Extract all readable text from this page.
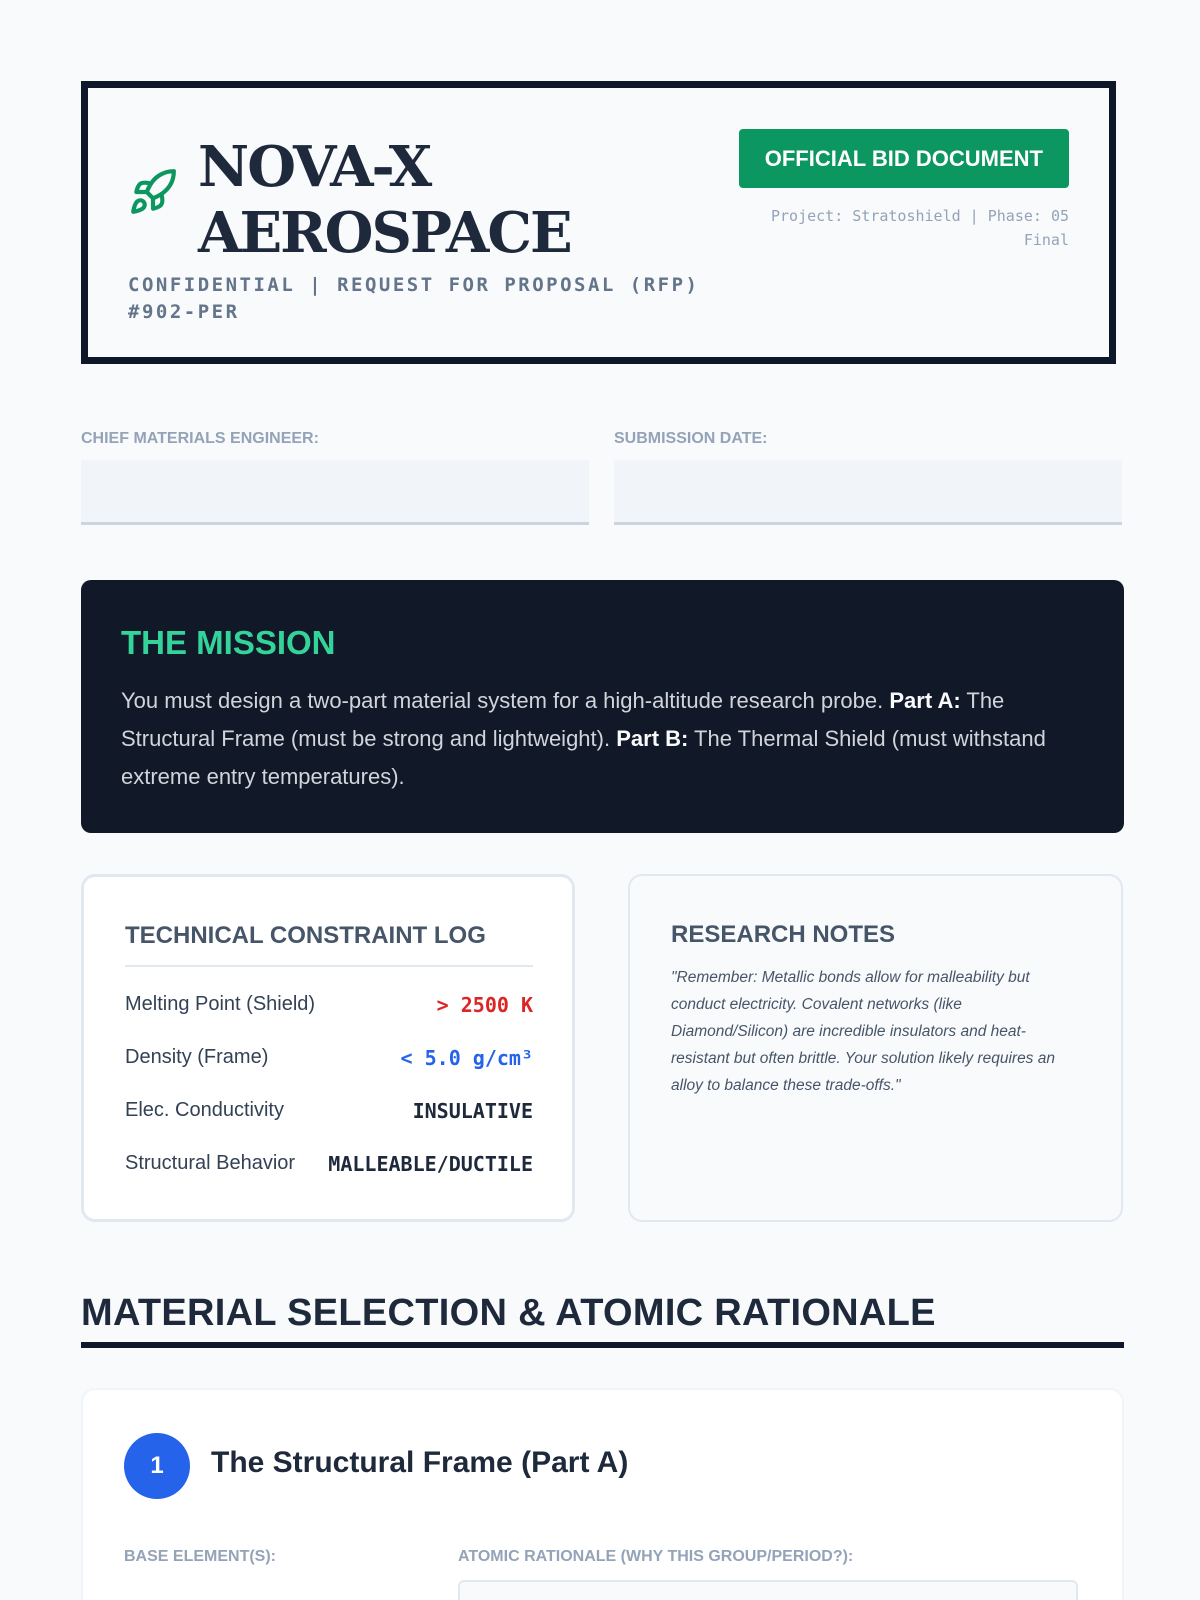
NOVA-X AEROSPACE
CONFIDENTIAL | REQUEST FOR PROPOSAL (RFP) #902-PER
OFFICIAL BID DOCUMENT
Project: Stratoshield | Phase: 05 Final
CHIEF MATERIALS ENGINEER:	SUBMISSION DATE:
THE MISSION

You must design a two-part material system for a high-altitude research probe. Part A: The Structural Frame (must be strong and lightweight). Part B: The Thermal Shield (must withstand extreme entry temperatures).

TECHNICAL CONSTRAINT LOG
Melting Point (Shield)	> 2500 K
Density (Frame)	< 5.0 g/cm³
Elec. Conductivity	INSULATIVE
Structural Behavior MALLEABLE/DUCTILE
RESEARCH NOTES
"Remember: Metallic bonds allow for malleability but conduct electricity. Covalent networks (like Diamond/Silicon) are incredible insulators and heat-resistant but often brittle. Your solution likely requires an alloy to balance these trade-offs."
MATERIAL SELECTION & ATOMIC RATIONALE
1	The Structural Frame (Part A)
BASE ELEMENT(S):	ATOMIC RATIONALE (WHY THIS GROUP/PERIOD?):
